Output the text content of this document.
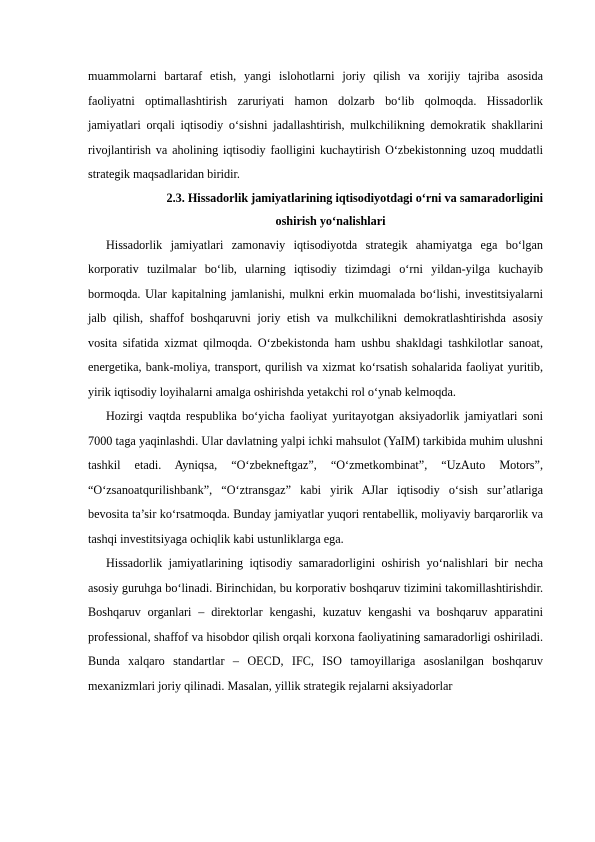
muammolarni bartaraf etish, yangi islohotlarni joriy qilish va xorijiy tajriba asosida faoliyatni optimallashtirish zaruriyati hamon dolzarb bo‘lib qolmoqda. Hissadorlik jamiyatlari orqali iqtisodiy o‘sishni jadallashtirish, mulkchilikning demokratik shakllarini rivojlantirish va aholining iqtisodiy faolligini kuchaytirish O‘zbekistonning uzoq muddatli strategik maqsadlaridan biridir.

2.3. Hissadorlik jamiyatlarining iqtisodiyotdagi o‘rni va samaradorligini
oshirish yo‘nalishlari

Hissadorlik jamiyatlari zamonaviy iqtisodiyotda strategik ahamiyatga ega bo‘lgan korporativ tuzilmalar bo‘lib, ularning iqtisodiy tizimdagi o‘rni yildan-yilga kuchayib bormoqda. Ular kapitalning jamlanishi, mulkni erkin muomalada bo‘lishi, investitsiyalarni jalb qilish, shaffof boshqaruvni joriy etish va mulkchilikni demokratlashtirishda asosiy vosita sifatida xizmat qilmoqda. O‘zbekistonda ham ushbu shakldagi tashkilotlar sanoat, energetika, bank-moliya, transport, qurilish va xizmat ko‘rsatish sohalarida faoliyat yuritib, yirik iqtisodiy loyihalarni amalga oshirishda yetakchi rol o‘ynab kelmoqda.

Hozirgi vaqtda respublika bo‘yicha faoliyat yuritayotgan aksiyadorlik jamiyatlari soni 7000 taga yaqinlashdi. Ular davlatning yalpi ichki mahsulot (YaIM) tarkibida muhim ulushni tashkil etadi. Ayniqsa, “O‘zbekneftgaz”, “O‘zmetkombinat”, “UzAuto Motors”, “O‘zsanoatqurilishbank”, “O‘ztransgaz” kabi yirik AJlar iqtisodiy o‘sish sur’atlariga bevosita ta’sir ko‘rsatmoqda. Bunday jamiyatlar yuqori rentabellik, moliyaviy barqarorlik va tashqi investitsiyaga ochiqlik kabi ustunliklarga ega.

Hissadorlik jamiyatlarining iqtisodiy samaradorligini oshirish yo‘nalishlari bir necha asosiy guruhga bo‘linadi. Birinchidan, bu korporativ boshqaruv tizimini takomillashtirishdir. Boshqaruv organlari – direktorlar kengashi, kuzatuv kengashi va boshqaruv apparatini professional, shaffof va hisobdor qilish orqali korxona faoliyatining samaradorligi oshiriladi. Bunda xalqaro standartlar – OECD, IFC, ISO tamoyillariga asoslanilgan boshqaruv mexanizmlari joriy qilinadi. Masalan, yillik strategik rejalarni aksiyadorlar
